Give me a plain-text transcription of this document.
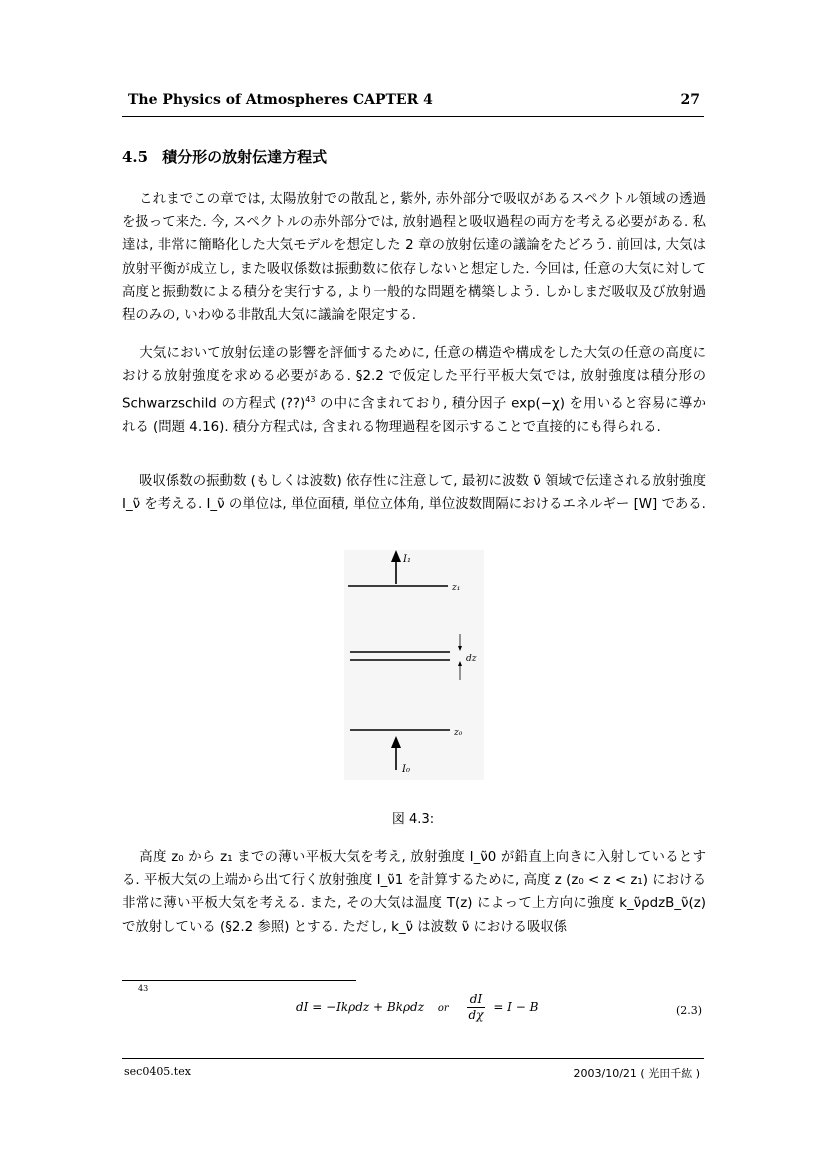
The Physics of Atmospheres CAPTER 4	27
4.5 積分形の放射伝達方程式

これまでこの章では, 太陽放射での散乱と, 紫外, 赤外部分で吸収があるスペクトル領域の透過を扱って来た. 今, スペクトルの赤外部分では, 放射過程と吸収過程の両方を考える必要がある. 私達は, 非常に簡略化した大気モデルを想定した 2 章の放射伝達の議論をたどろう. 前回は, 大気は放射平衡が成立し, また吸収係数は振動数に依存しないと想定した. 今回は, 任意の大気に対して高度と振動数による積分を実行する, より一般的な問題を構築しよう. しかしまだ吸収及び放射過程のみの, いわゆる非散乱大気に議論を限定する.

大気において放射伝達の影響を評価するために, 任意の構造や構成をした大気の任意の高度における放射強度を求める必要がある. §2.2 で仮定した平行平板大気では, 放射強度は積分形の Schwarzschild の方程式 (??)$^{43}$ の中に含まれており, 積分因子 exp(−χ) を用いると容易に導かれる (問題 4.16). 積分方程式は, 含まれる物理過程を図示することで直接的にも得られる.

吸収係数の振動数 (もしくは波数) 依存性に注意して, 最初に波数 ν̃ 領域で伝達される放射強度 I_ν̃ を考える. I_ν̃ の単位は, 単位面積, 単位立体角, 単位波数間隔におけるエネルギー [W] である.

I₁
z₁
dz
z₀
I₀
図 4.3:

高度 z₀ から z₁ までの薄い平板大気を考え, 放射強度 I_ν̃0 が鉛直上向きに入射しているとする. 平板大気の上端から出て行く放射強度 I_ν̃1 を計算するために, 高度 z (z₀ < z < z₁) における非常に薄い平板大気を考える. また, その大気は温度 T(z) によって上方向に強度 k_ν̃ρdzB_ν̃(z) で放射している (§2.2 参照) とする. ただし, k_ν̃ は波数 ν̃ における吸収係

43
dI = −Ikρdz + Bkρdz or $\frac{dI}{d\chi} = I - B$	(2.3)
sec0405.tex	2003/10/21 ( 光田千紘 )
